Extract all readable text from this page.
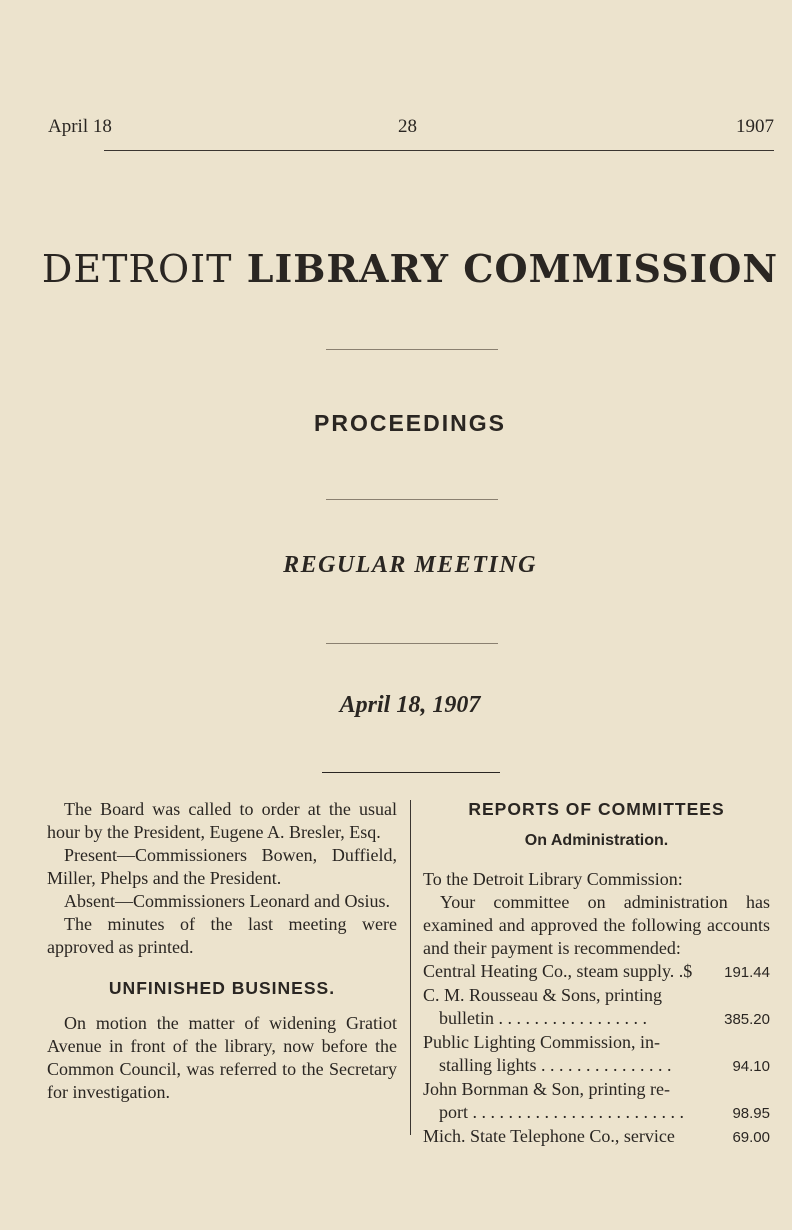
April 18	28	1907
DETROIT LIBRARY COMMISSION
PROCEEDINGS
REGULAR MEETING
April 18, 1907

The Board was called to order at the usual hour by the President, Eugene A. Bresler, Esq.

Present—Commissioners Bowen, Duffield, Miller, Phelps and the President.

Absent—Commissioners Leonard and Osius.

The minutes of the last meeting were approved as printed.

UNFINISHED BUSINESS.

On motion the matter of widening Gratiot Avenue in front of the library, now before the Common Council, was referred to the Secretary for investigation.

REPORTS OF COMMITTEES
On Administration.
To the Detroit Library Commission:

Your committee on administration has examined and approved the following accounts and their payment is recommended:

Central Heating Co., steam supply. .$	191.44
C. M. Rousseau & Sons, printing
bulletin . . . . . . . . . . . . . . . . .	385.20
Public Lighting Commission, in-
stalling lights . . . . . . . . . . . . . . .	94.10
John Bornman & Son, printing re-
port . . . . . . . . . . . . . . . . . . . . . . . .	98.95
Mich. State Telephone Co., service	69.00
